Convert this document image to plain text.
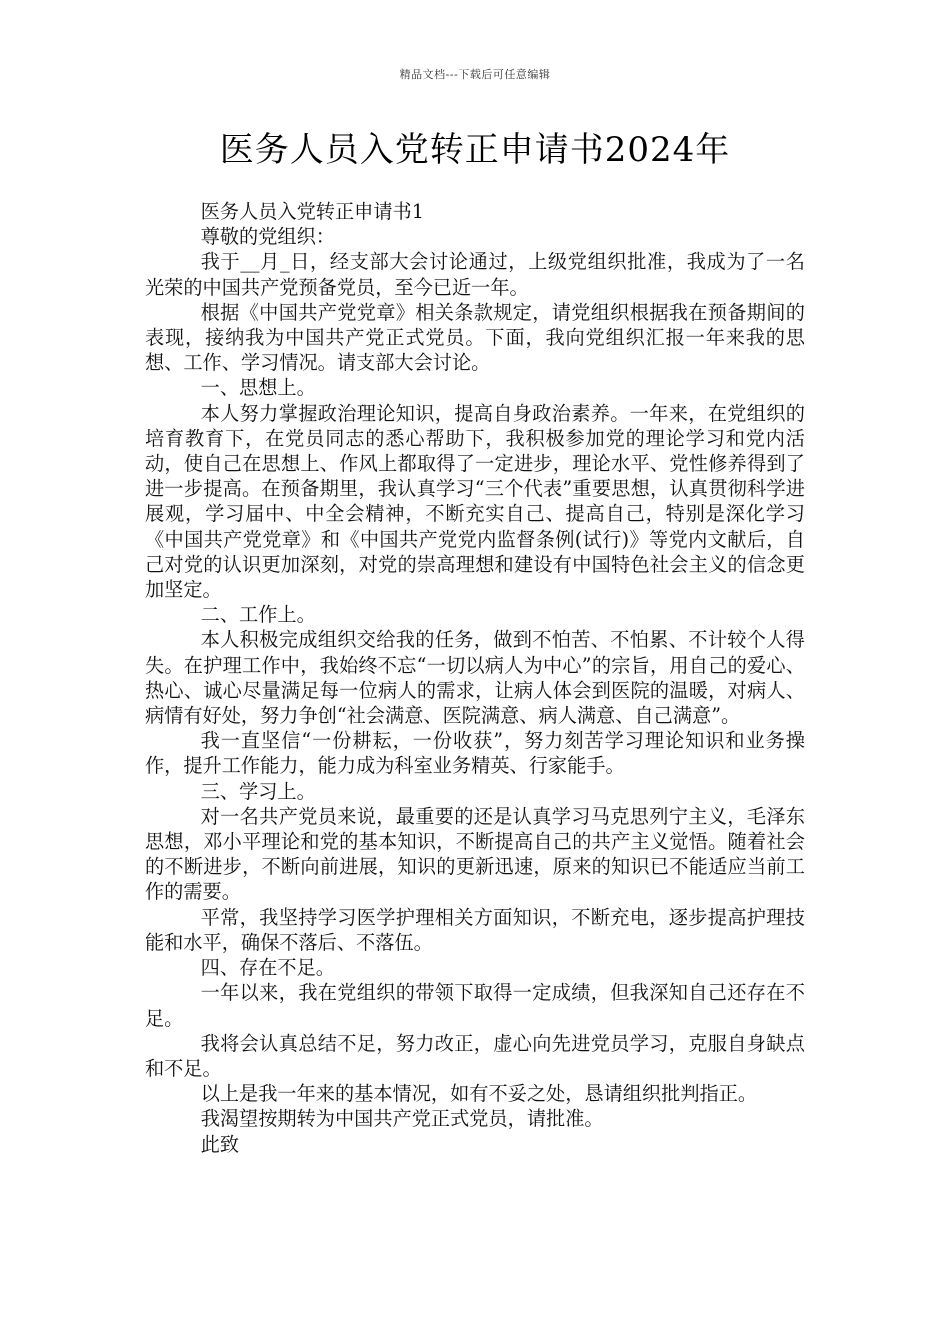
精品文档---下载后可任意编辑
医务人员入党转正申请书2024年

医务人员入党转正申请书1

尊敬的党组织：

我于__月_日，经支部大会讨论通过，上级党组织批准，我成为了一名光荣的中国共产党预备党员，至今已近一年。

根据《中国共产党党章》相关条款规定，请党组织根据我在预备期间的表现，接纳我为中国共产党正式党员。下面，我向党组织汇报一年来我的思想、工作、学习情况。请支部大会讨论。

一、思想上。

本人努力掌握政治理论知识，提高自身政治素养。一年来，在党组织的培育教育下，在党员同志的悉心帮助下，我积极参加党的理论学习和党内活动，使自己在思想上、作风上都取得了一定进步，理论水平、党性修养得到了进一步提高。在预备期里，我认真学习“三个代表”重要思想，认真贯彻科学进展观，学习届中、中全会精神，不断充实自己、提高自己，特别是深化学习《中国共产党党章》和《中国共产党党内监督条例(试行)》等党内文献后，自己对党的认识更加深刻，对党的崇高理想和建设有中国特色社会主义的信念更加坚定。

二、工作上。

本人积极完成组织交给我的任务，做到不怕苦、不怕累、不计较个人得失。在护理工作中，我始终不忘“一切以病人为中心”的宗旨，用自己的爱心、热心、诚心尽量满足每一位病人的需求，让病人体会到医院的温暖，对病人、病情有好处，努力争创“社会满意、医院满意、病人满意、自己满意”。

我一直坚信“一份耕耘，一份收获”，努力刻苦学习理论知识和业务操作，提升工作能力，能力成为科室业务精英、行家能手。

三、学习上。

对一名共产党员来说，最重要的还是认真学习马克思列宁主义，毛泽东思想，邓小平理论和党的基本知识，不断提高自己的共产主义觉悟。随着社会的不断进步，不断向前进展，知识的更新迅速，原来的知识已不能适应当前工作的需要。

平常，我坚持学习医学护理相关方面知识，不断充电，逐步提高护理技能和水平，确保不落后、不落伍。

四、存在不足。

一年以来，我在党组织的带领下取得一定成绩，但我深知自己还存在不足。

我将会认真总结不足，努力改正，虚心向先进党员学习，克服自身缺点和不足。

以上是我一年来的基本情况，如有不妥之处，恳请组织批判指正。

我渴望按期转为中国共产党正式党员，请批准。

此致
